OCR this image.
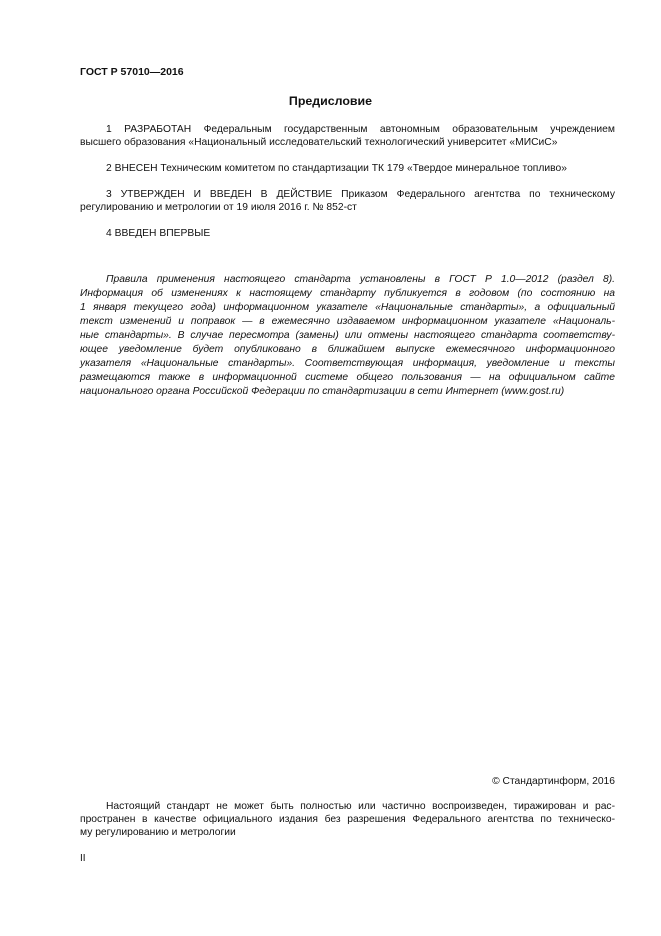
ГОСТ Р 57010—2016
Предисловие
1 РАЗРАБОТАН Федеральным государственным автономным образовательным учреждением
высшего образования «Национальный исследовательский технологический университет «МИСиС»
2 ВНЕСЕН Техническим комитетом по стандартизации ТК 179 «Твердое минеральное топливо»
3 УТВЕРЖДЕН И ВВЕДЕН В ДЕЙСТВИЕ Приказом Федерального агентства по техническому
регулированию и метрологии от 19 июля 2016 г. № 852-ст
4 ВВЕДЕН ВПЕРВЫЕ
Правила применения настоящего стандарта установлены в ГОСТ Р 1.0—2012 (раздел 8).
Информация об изменениях к настоящему стандарту публикуется в годовом (по состоянию на
1 января текущего года) информационном указателе «Национальные стандарты», а официальный
текст изменений и поправок — в ежемесячно издаваемом информационном указателе «Националь-
ные стандарты». В случае пересмотра (замены) или отмены настоящего стандарта соответству-
ющее уведомление будет опубликовано в ближайшем выпуске ежемесячного информационного
указателя «Национальные стандарты». Соответствующая информация, уведомление и тексты
размещаются также в информационной системе общего пользования — на официальном сайте
национального органа Российской Федерации по стандартизации в сети Интернет (www.gost.ru)
© Стандартинформ, 2016
Настоящий стандарт не может быть полностью или частично воспроизведен, тиражирован и рас-
пространен в качестве официального издания без разрешения Федерального агентства по техническо-
му регулированию и метрологии
II
